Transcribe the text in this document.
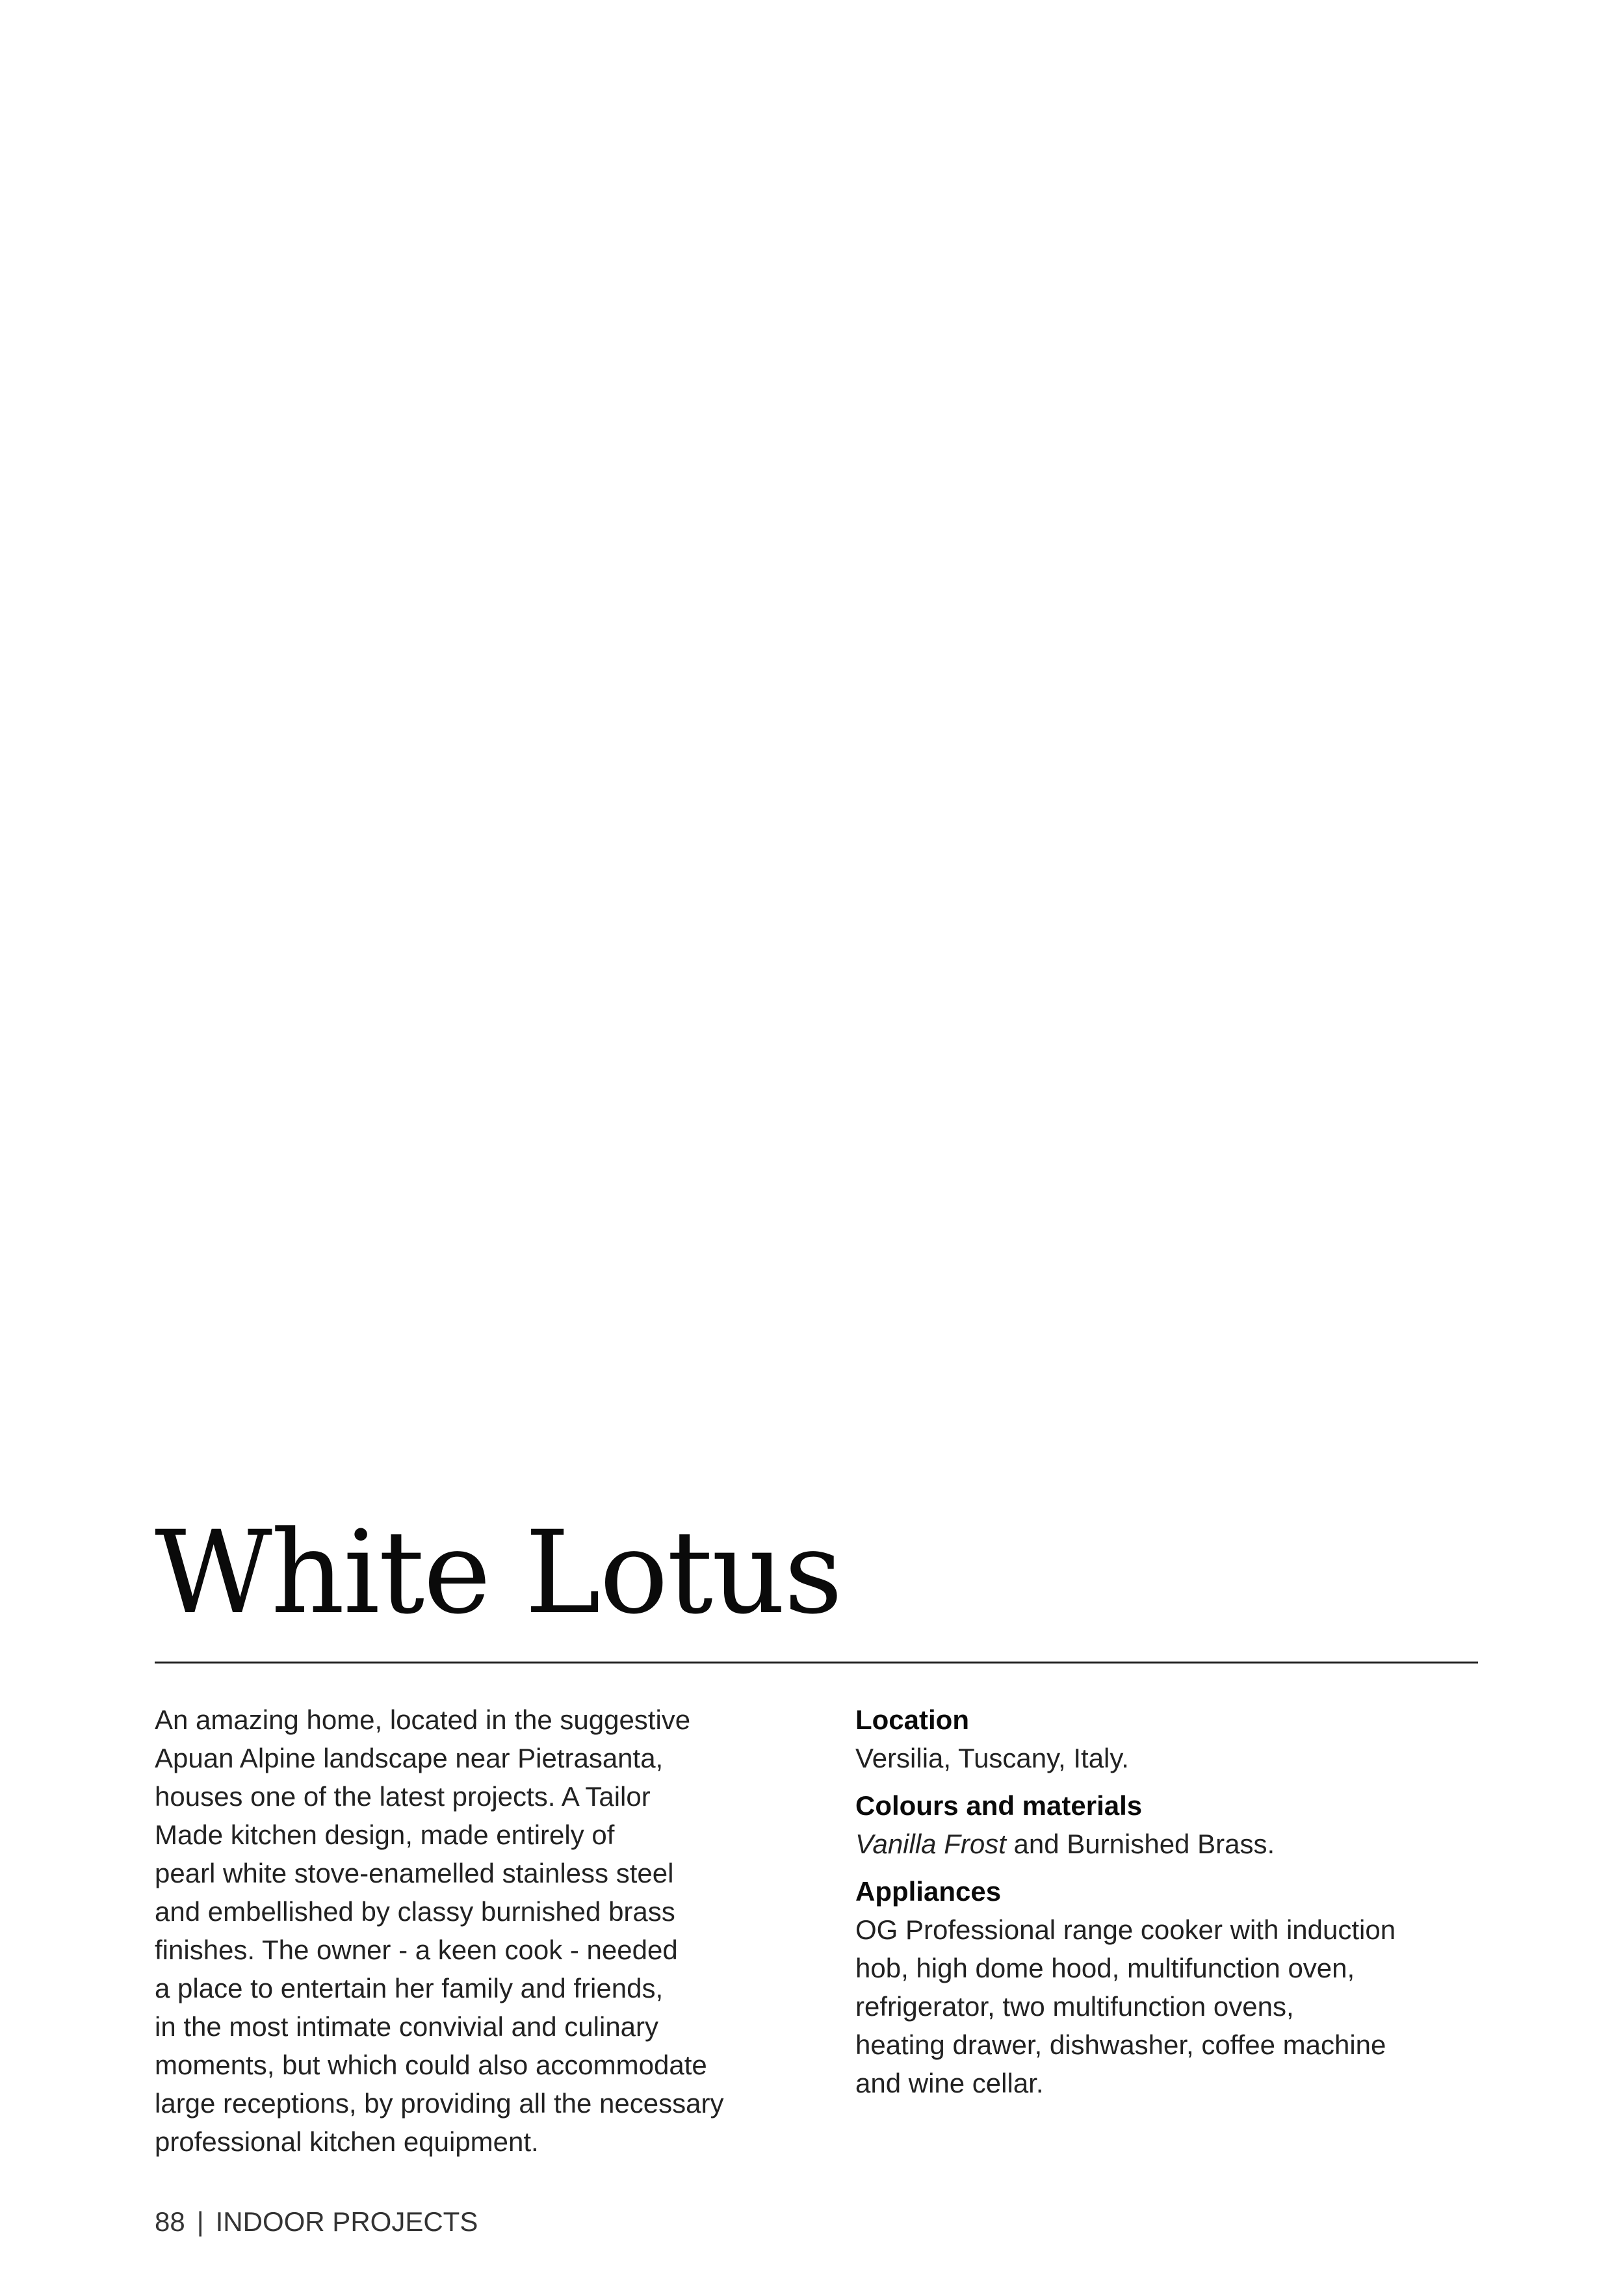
White Lotus

An amazing home, located in the suggestive

Apuan Alpine landscape near Pietrasanta,

houses one of the latest projects. A Tailor

Made kitchen design, made entirely of

pearl white stove-enamelled stainless steel

and embellished by classy burnished brass

finishes. The owner - a keen cook - needed

a place to entertain her family and friends,

in the most intimate convivial and culinary

moments, but which could also accommodate

large receptions, by providing all the necessary

professional kitchen equipment.

Location

Versilia, Tuscany, Italy.

Colours and materials

Vanilla Frost and Burnished Brass.

Appliances

OG Professional range cooker with induction

hob, high dome hood, multifunction oven,

refrigerator, two multifunction ovens,

heating drawer, dishwasher, coffee machine

and wine cellar.

88 | INDOOR PROJECTS
